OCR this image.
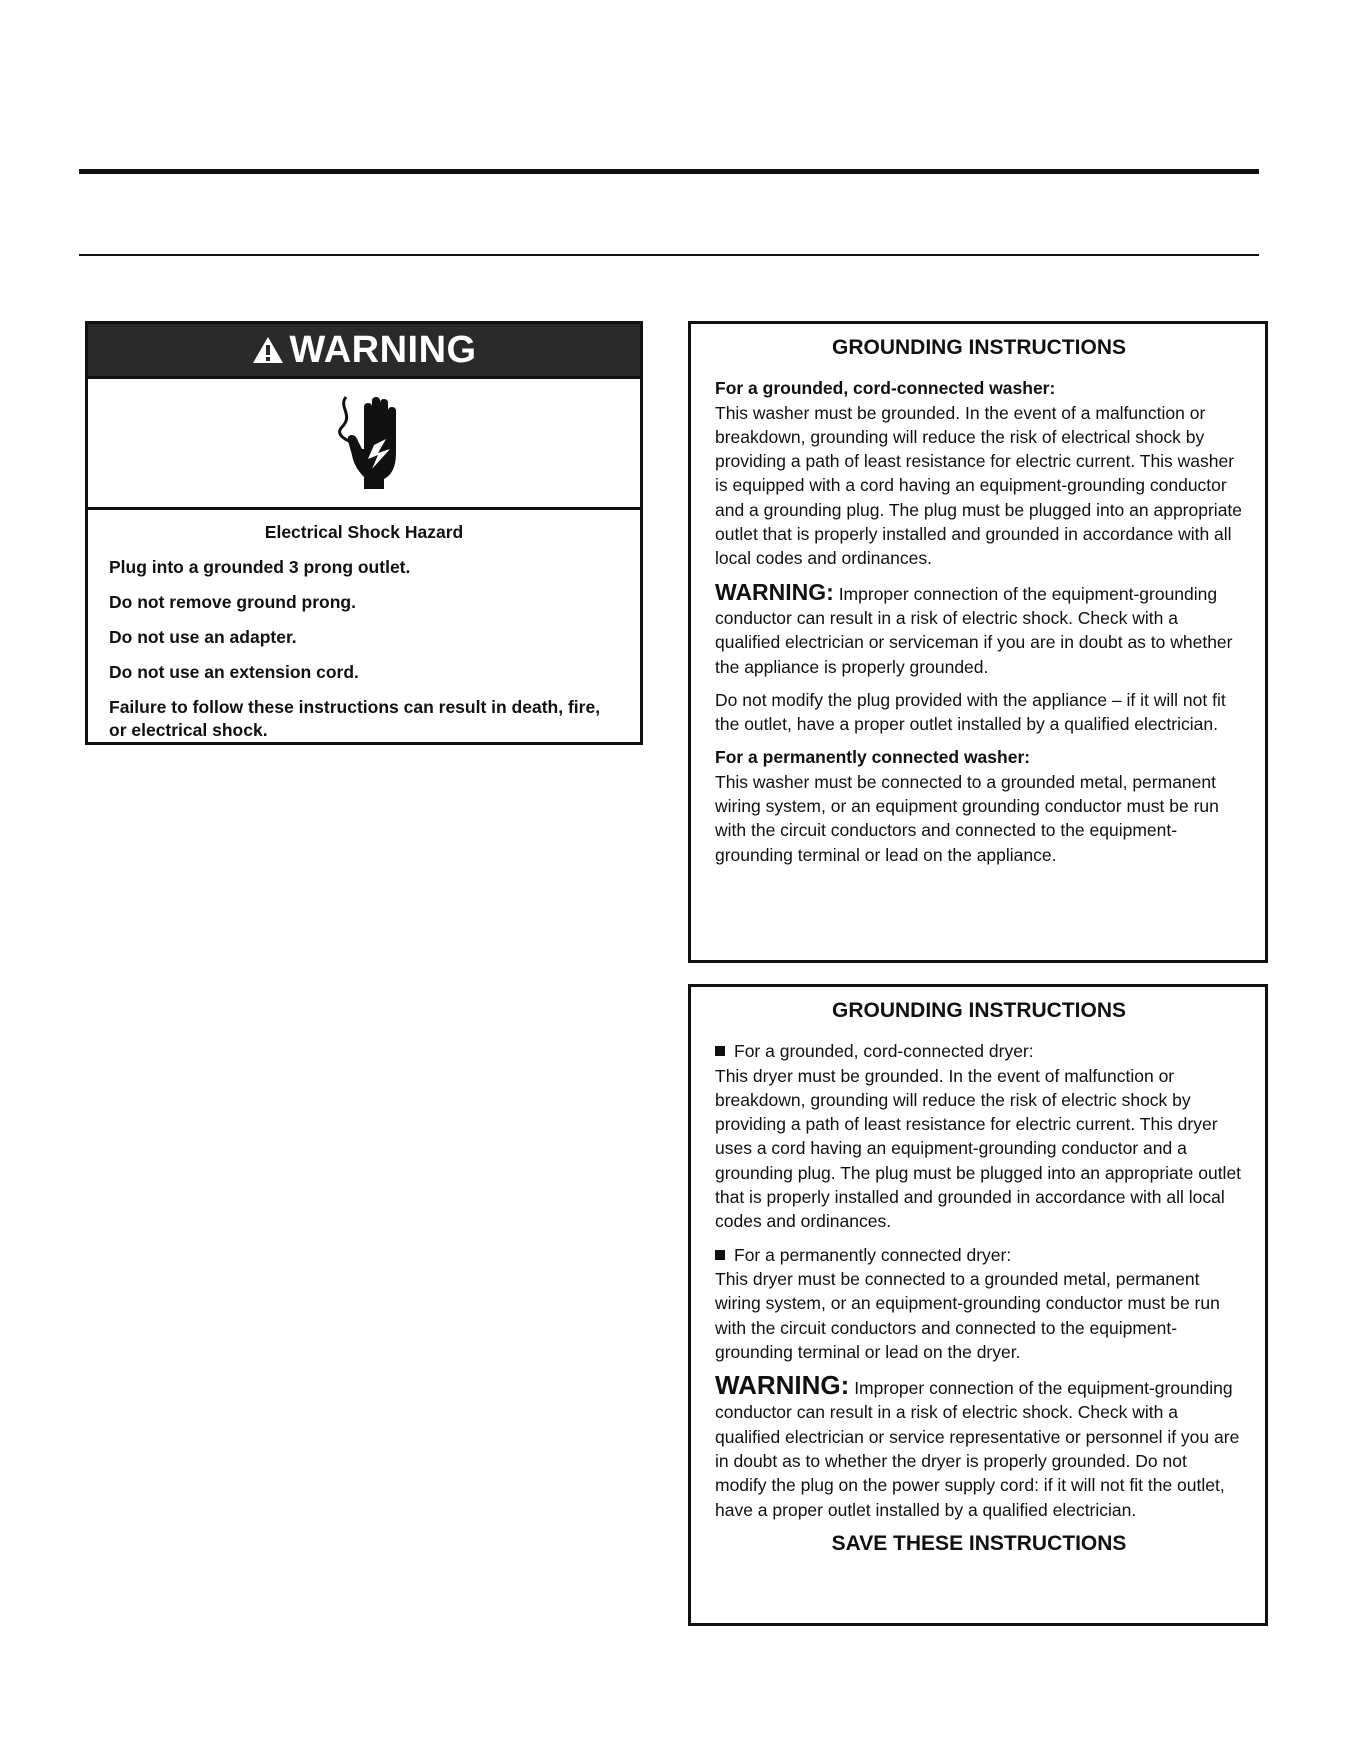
WARNING

Electrical Shock Hazard

Plug into a grounded 3 prong outlet.

Do not remove ground prong.

Do not use an adapter.

Do not use an extension cord.

Failure to follow these instructions can result in death, fire, or electrical shock.

GROUNDING INSTRUCTIONS

For a grounded, cord-connected washer:
This washer must be grounded. In the event of a malfunction or breakdown, grounding will reduce the risk of electrical shock by providing a path of least resistance for electric current. This washer is equipped with a cord having an equipment-grounding conductor and a grounding plug. The plug must be plugged into an appropriate outlet that is properly installed and grounded in accordance with all local codes and ordinances.

WARNING: Improper connection of the equipment-grounding conductor can result in a risk of electric shock. Check with a qualified electrician or serviceman if you are in doubt as to whether the appliance is properly grounded.

Do not modify the plug provided with the appliance – if it will not fit the outlet, have a proper outlet installed by a qualified electrician.

For a permanently connected washer:
This washer must be connected to a grounded metal, permanent wiring system, or an equipment grounding conductor must be run with the circuit conductors and connected to the equipment-grounding terminal or lead on the appliance.

GROUNDING INSTRUCTIONS

For a grounded, cord-connected dryer:
This dryer must be grounded. In the event of malfunction or breakdown, grounding will reduce the risk of electric shock by providing a path of least resistance for electric current. This dryer uses a cord having an equipment-grounding conductor and a grounding plug. The plug must be plugged into an appropriate outlet that is properly installed and grounded in accordance with all local codes and ordinances.

For a permanently connected dryer:
This dryer must be connected to a grounded metal, permanent wiring system, or an equipment-grounding conductor must be run with the circuit conductors and connected to the equipment-grounding terminal or lead on the dryer.

WARNING: Improper connection of the equipment-grounding conductor can result in a risk of electric shock. Check with a qualified electrician or service representative or personnel if you are in doubt as to whether the dryer is properly grounded. Do not modify the plug on the power supply cord: if it will not fit the outlet, have a proper outlet installed by a qualified electrician.

SAVE THESE INSTRUCTIONS
